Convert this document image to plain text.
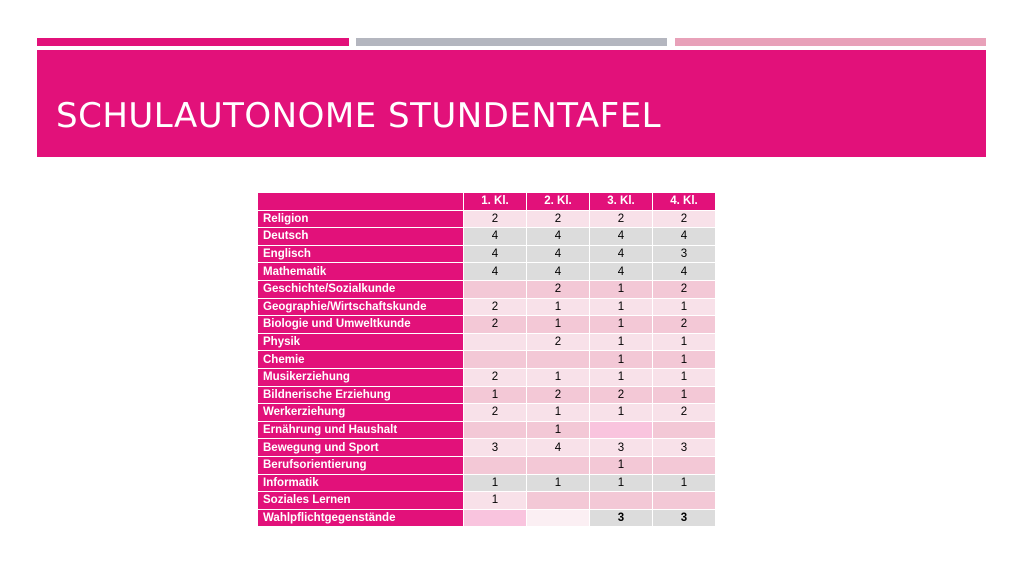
SCHULAUTONOME STUNDENTAFEL
	1. Kl.	2. Kl.	3. Kl.	4. Kl.
Religion	2	2	2	2
Deutsch	4	4	4	4
Englisch	4	4	4	3
Mathematik	4	4	4	4
Geschichte/Sozialkunde		2	1	2
Geographie/Wirtschaftskunde	2	1	1	1
Biologie und Umweltkunde	2	1	1	2
Physik		2	1	1
Chemie			1	1
Musikerziehung	2	1	1	1
Bildnerische Erziehung	1	2	2	1
Werkerziehung	2	1	1	2
Ernährung und Haushalt		1		
Bewegung und Sport	3	4	3	3
Berufsorientierung			1	
Informatik	1	1	1	1
Soziales Lernen	1			
Wahlpflichtgegenstände			3	3
